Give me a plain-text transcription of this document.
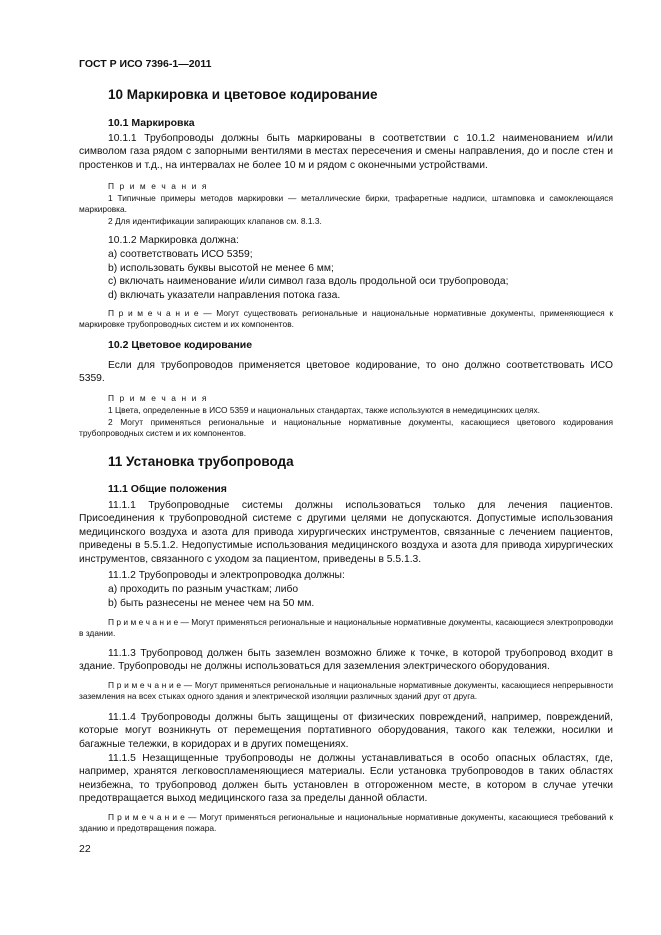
ГОСТ Р ИСО 7396-1—2011
10 Маркировка и цветовое кодирование
10.1 Маркировка

10.1.1 Трубопроводы должны быть маркированы в соответствии с 10.1.2 наименованием и/или символом газа рядом с запорными вентилями в местах пересечения и смены направления, до и после стен и простенков и т.д., на интервалах не более 10 м и рядом с оконечными устройствами.

П р и м е ч а н и я

1 Типичные примеры методов маркировки — металлические бирки, трафаретные надписи, штамповка и самоклеющаяся маркировка.

2 Для идентификации запирающих клапанов см. 8.1.3.

10.1.2 Маркировка должна:
a) соответствовать ИСО 5359;
b) использовать буквы высотой не менее 6 мм;
c) включать наименование и/или символ газа вдоль продольной оси трубопровода;
d) включать указатели направления потока газа.

П р и м е ч а н и е — Могут существовать региональные и национальные нормативные документы, применяющиеся к маркировке трубопроводных систем и их компонентов.

10.2 Цветовое кодирование

Если для трубопроводов применяется цветовое кодирование, то оно должно соответствовать ИСО 5359.

П р и м е ч а н и я

1 Цвета, определенные в ИСО 5359 и национальных стандартах, также используются в немедицинских целях.

2 Могут применяться региональные и национальные нормативные документы, касающиеся цветового кодирования трубопроводных систем и их компонентов.

11 Установка трубопровода
11.1 Общие положения

11.1.1 Трубопроводные системы должны использоваться только для лечения пациентов. Присоединения к трубопроводной системе с другими целями не допускаются. Допустимые использования медицинского воздуха и азота для привода хирургических инструментов, связанные с лечением пациентов, приведены в 5.5.1.2. Недопустимые использования медицинского воздуха и азота для привода хирургических инструментов, связанного с уходом за пациентом, приведены в 5.5.1.3.

11.1.2 Трубопроводы и электропроводка должны:
a) проходить по разным участкам; либо
b) быть разнесены не менее чем на 50 мм.

П р и м е ч а н и е — Могут применяться региональные и национальные нормативные документы, касающиеся электропроводки в здании.

11.1.3 Трубопровод должен быть заземлен возможно ближе к точке, в которой трубопровод входит в здание. Трубопроводы не должны использоваться для заземления электрического оборудования.

П р и м е ч а н и е — Могут применяться региональные и национальные нормативные документы, касающиеся непрерывности заземления на всех стыках одного здания и электрической изоляции различных зданий друг от друга.

11.1.4 Трубопроводы должны быть защищены от физических повреждений, например, повреждений, которые могут возникнуть от перемещения портативного оборудования, такого как тележки, носилки и багажные тележки, в коридорах и в других помещениях.

11.1.5 Незащищенные трубопроводы не должны устанавливаться в особо опасных областях, где, например, хранятся легковоспламеняющиеся материалы. Если установка трубопроводов в таких областях неизбежна, то трубопровод должен быть установлен в отгороженном месте, в котором в случае утечки предотвращается выход медицинского газа за пределы данной области.

П р и м е ч а н и е — Могут применяться региональные и национальные нормативные документы, касающиеся требований к зданию и предотвращения пожара.

22
